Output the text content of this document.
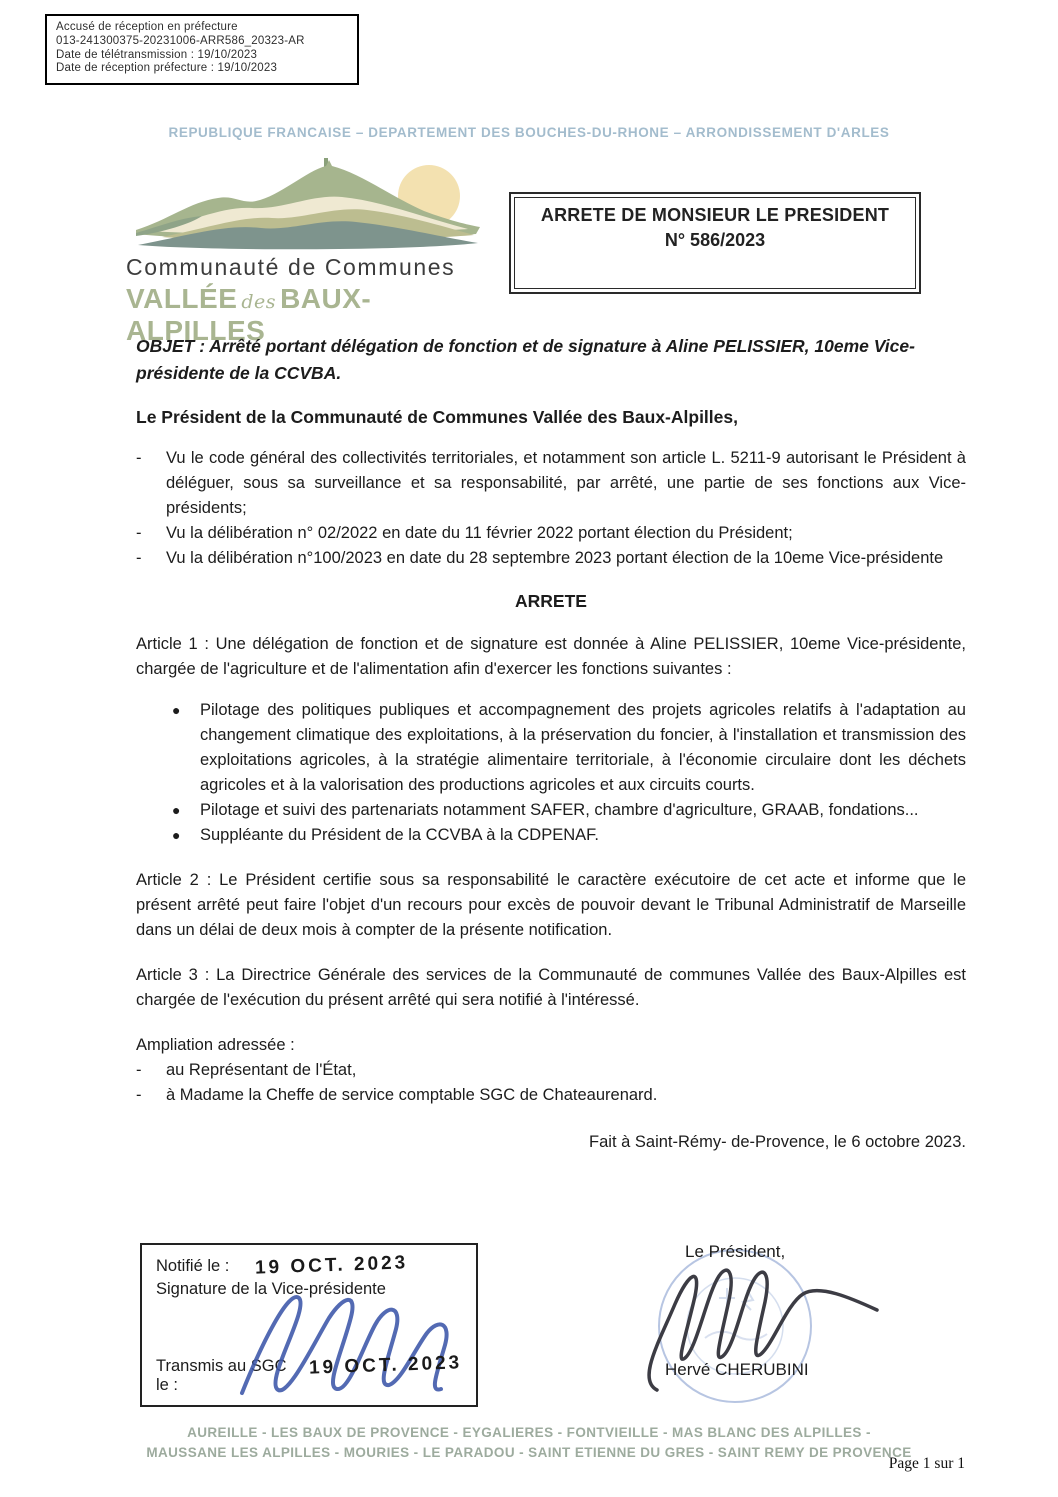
Accusé de réception en préfecture
013-241300375-20231006-ARR586_20323-AR
Date de télétransmission : 19/10/2023
Date de réception préfecture : 19/10/2023
REPUBLIQUE FRANCAISE – DEPARTEMENT DES BOUCHES-DU-RHONE – ARRONDISSEMENT D'ARLES
Communauté de Communes
VALLÉE des BAUX-ALPILLES
ARRETE DE MONSIEUR LE PRESIDENT
N° 586/2023

OBJET : Arrêté portant délégation de fonction et de signature à Aline PELISSIER, 10eme Vice-présidente de la CCVBA.

Le Président de la Communauté de Communes Vallée des Baux-Alpilles,

-	Vu le code général des collectivités territoriales, et notamment son article L. 5211-9 autorisant le Président à déléguer, sous sa surveillance et sa responsabilité, par arrêté, une partie de ses fonctions aux Vice-présidents;
-	Vu la délibération n° 02/2022 en date du 11 février 2022 portant élection du Président;
-	Vu la délibération n°100/2023 en date du 28 septembre 2023 portant élection de la 10eme Vice-présidente

ARRETE

Article 1 : Une délégation de fonction et de signature est donnée à Aline PELISSIER, 10eme Vice-présidente, chargée de l'agriculture et de l'alimentation afin d'exercer les fonctions suivantes :

●	Pilotage des politiques publiques et accompagnement des projets agricoles relatifs à l'adaptation au changement climatique des exploitations, à la préservation du foncier, à l'installation et transmission des exploitations agricoles, à la stratégie alimentaire territoriale, à l'économie circulaire dont les déchets agricoles et à la valorisation des productions agricoles et aux circuits courts.
●	Pilotage et suivi des partenariats notamment SAFER, chambre d'agriculture, GRAAB, fondations...
●	Suppléante du Président de la CCVBA à la CDPENAF.

Article 2 : Le Président certifie sous sa responsabilité le caractère exécutoire de cet acte et informe que le présent arrêté peut faire l'objet d'un recours pour excès de pouvoir devant le Tribunal Administratif de Marseille dans un délai de deux mois à compter de la présente notification.

Article 3 : La Directrice Générale des services de la Communauté de communes Vallée des Baux-Alpilles est chargée de l'exécution du présent arrêté qui sera notifié à l'intéressé.

Ampliation adressée :

-	au Représentant de l'État,
-	à Madame la Cheffe de service comptable SGC de Chateaurenard.

Fait à Saint-Rémy- de-Provence, le 6 octobre 2023.

Notifié le : 19 OCT. 2023
Signature de la Vice-présidente
Transmis au SGC le :
19 OCT. 2023
Le Président,
Hervé CHERUBINI
AUREILLE - LES BAUX DE PROVENCE - EYGALIERES - FONTVIEILLE - MAS BLANC DES ALPILLES -
MAUSSANE LES ALPILLES - MOURIES - LE PARADOU - SAINT ETIENNE DU GRES - SAINT REMY DE PROVENCE
Page 1 sur 1
